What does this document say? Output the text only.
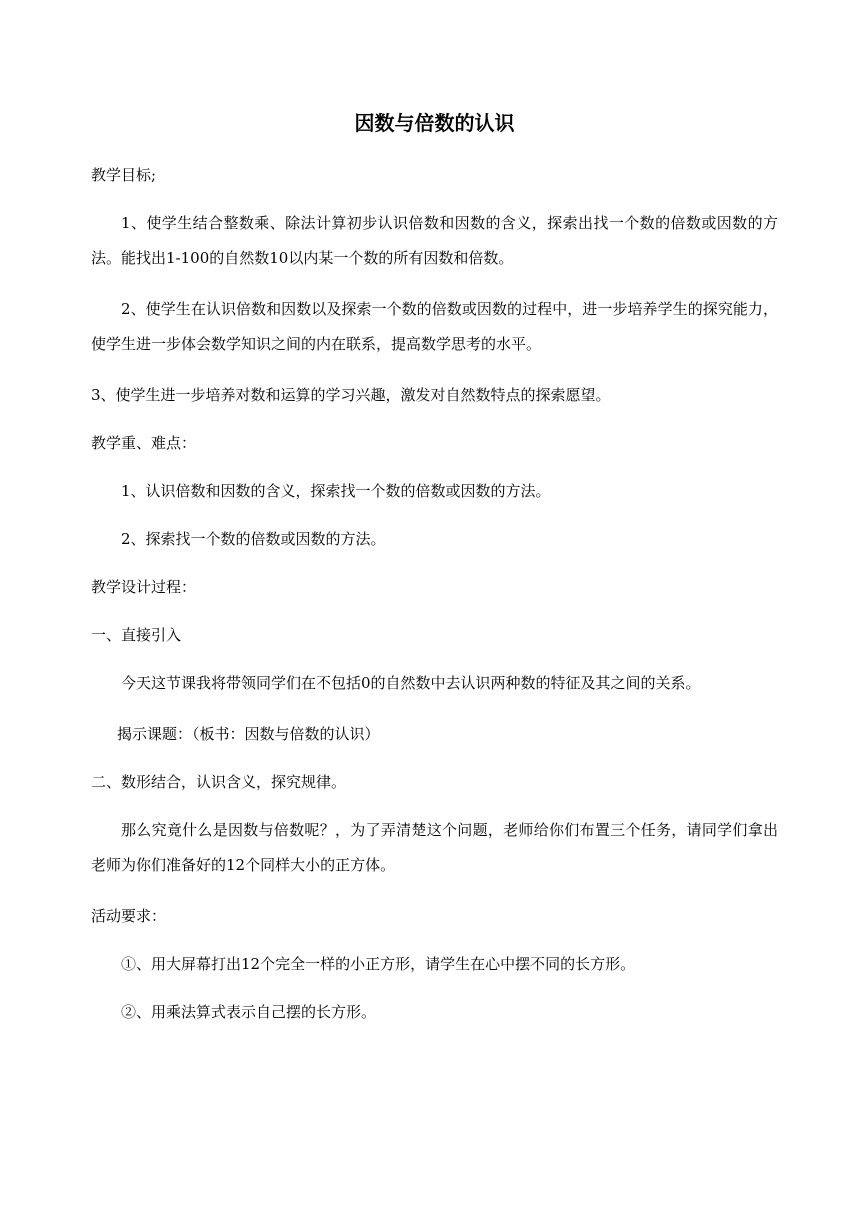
因数与倍数的认识

教学目标;

1、使学生结合整数乘、除法计算初步认识倍数和因数的含义，探索出找一个数的倍数或因数的方法。能找出1-100的自然数10以内某一个数的所有因数和倍数。

2、使学生在认识倍数和因数以及探索一个数的倍数或因数的过程中，进一步培养学生的探究能力，使学生进一步体会数学知识之间的内在联系，提高数学思考的水平。

3、使学生进一步培养对数和运算的学习兴趣，激发对自然数特点的探索愿望。

教学重、难点：

1、认识倍数和因数的含义，探索找一个数的倍数或因数的方法。

2、探索找一个数的倍数或因数的方法。

教学设计过程：

一、直接引入

今天这节课我将带领同学们在不包括0的自然数中去认识两种数的特征及其之间的关系。

揭示课题：（板书：因数与倍数的认识）

二、数形结合，认识含义，探究规律。

那么究竟什么是因数与倍数呢？，为了弄清楚这个问题，老师给你们布置三个任务，请同学们拿出老师为你们准备好的12个同样大小的正方体。

活动要求：

①、用大屏幕打出12个完全一样的小正方形，请学生在心中摆不同的长方形。

②、用乘法算式表示自己摆的长方形。
